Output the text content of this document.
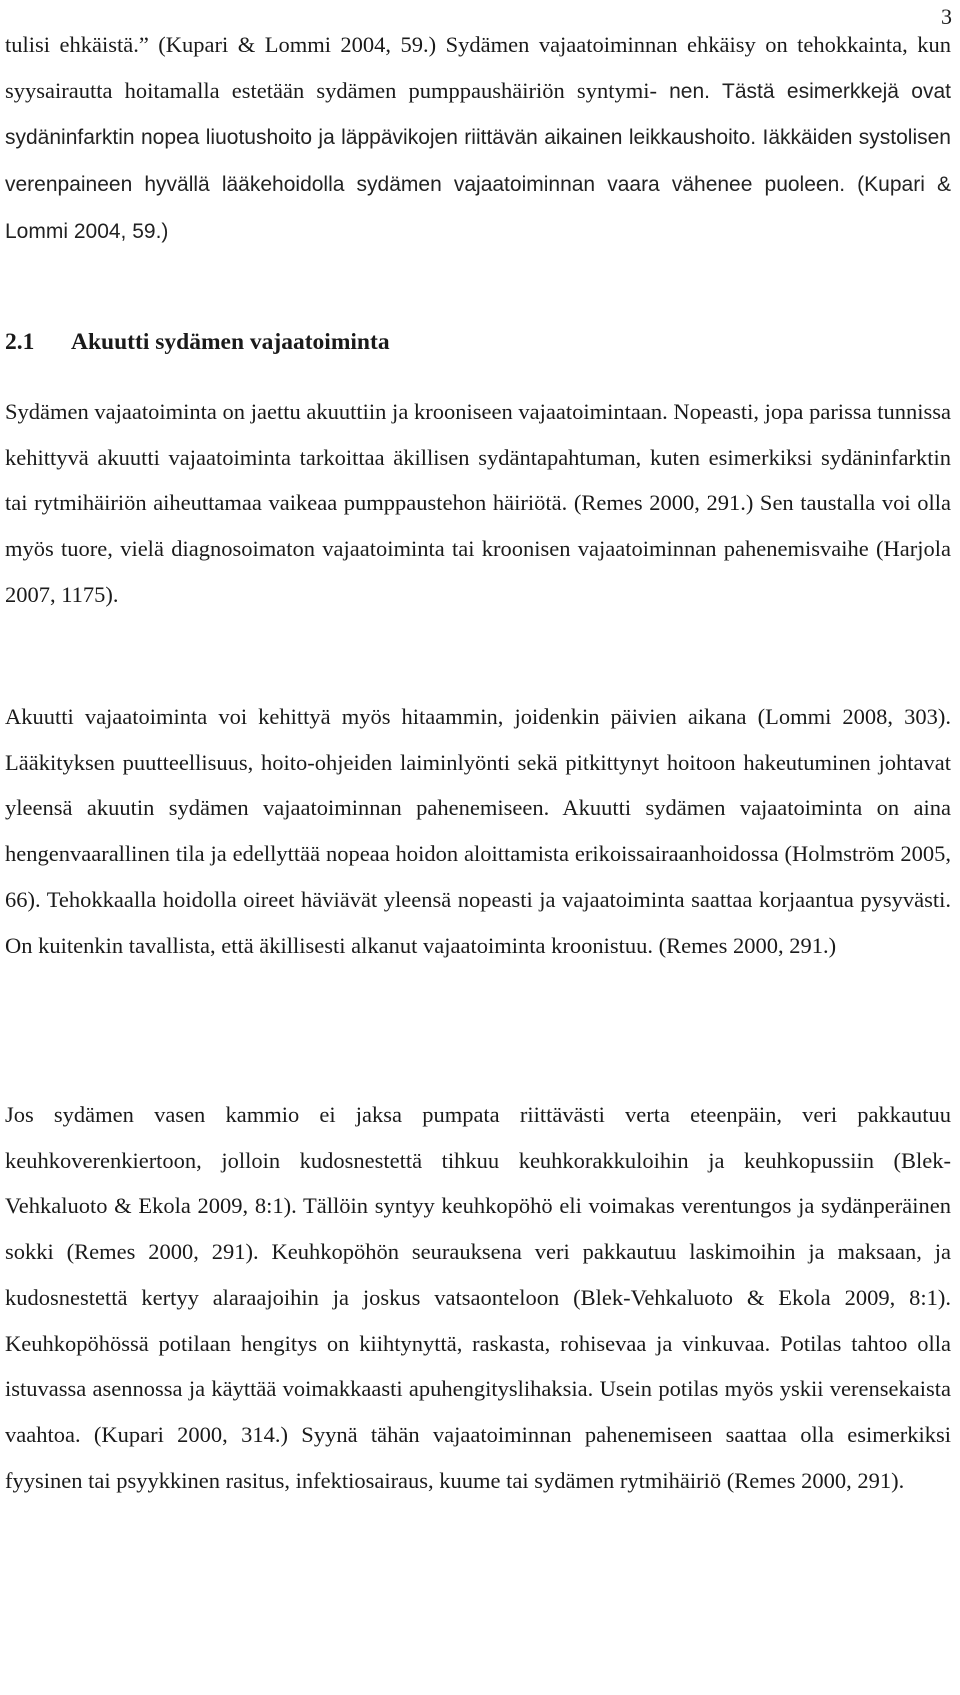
3

tulisi ehkäistä.” (Kupari & Lommi 2004, 59.) Sydämen vajaatoiminnan ehkäisy on tehokkainta, kun syysairautta hoitamalla estetään sydämen pumppaushäiriön syntymi- nen. Tästä esimerkkejä ovat sydäninfarktin nopea liuotushoito ja läppävikojen riittävän aikainen leikkaushoito. Iäkkäiden systolisen verenpaineen hyvällä lääkehoidolla sydämen vajaatoiminnan vaara vähenee puoleen. (Kupari & Lommi 2004, 59.)

2.1 Akuutti sydämen vajaatoiminta

Sydämen vajaatoiminta on jaettu akuuttiin ja krooniseen vajaatoimintaan. Nopeasti, jopa parissa tunnissa kehittyvä akuutti vajaatoiminta tarkoittaa äkillisen sydäntapahtuman, kuten esimerkiksi sydäninfarktin tai rytmihäiriön aiheuttamaa vaikeaa pumppaustehon häiriötä. (Remes 2000, 291.) Sen taustalla voi olla myös tuore, vielä diagnosoimaton vajaatoiminta tai kroonisen vajaatoiminnan pahenemisvaihe (Harjola 2007, 1175).

Akuutti vajaatoiminta voi kehittyä myös hitaammin, joidenkin päivien aikana (Lommi 2008, 303). Lääkityksen puutteellisuus, hoito-ohjeiden laiminlyönti sekä pitkittynyt hoitoon hakeutuminen johtavat yleensä akuutin sydämen vajaatoiminnan pahenemiseen. Akuutti sydämen vajaatoiminta on aina hengenvaarallinen tila ja edellyttää nopeaa hoidon aloittamista erikoissairaanhoidossa (Holmström 2005, 66). Tehokkaalla hoidolla oireet häviävät yleensä nopeasti ja vajaatoiminta saattaa korjaantua pysyvästi. On kuitenkin tavallista, että äkillisesti alkanut vajaatoiminta kroonistuu. (Remes 2000, 291.)

Jos sydämen vasen kammio ei jaksa pumpata riittävästi verta eteenpäin, veri pakkautuu keuhkoverenkiertoon, jolloin kudosnestettä tihkuu keuhkorakkuloihin ja keuhkopussiin (Blek-Vehkaluoto & Ekola 2009, 8:1). Tällöin syntyy keuhkopöhö eli voimakas verentungos ja sydänperäinen sokki (Remes 2000, 291). Keuhkopöhön seurauksena veri pakkautuu laskimoihin ja maksaan, ja kudosnestettä kertyy alaraajoihin ja joskus vatsaonteloon (Blek-Vehkaluoto & Ekola 2009, 8:1). Keuhkopöhössä potilaan hengitys on kiihtynyttä, raskasta, rohisevaa ja vinkuvaa. Potilas tahtoo olla istuvassa asennossa ja käyttää voimakkaasti apuhengityslihaksia. Usein potilas myös yskii verensekaista vaahtoa. (Kupari 2000, 314.) Syynä tähän vajaatoiminnan pahenemiseen saattaa olla esimerkiksi fyysinen tai psyykkinen rasitus, infektiosairaus, kuume tai sydämen rytmihäiriö (Remes 2000, 291).
